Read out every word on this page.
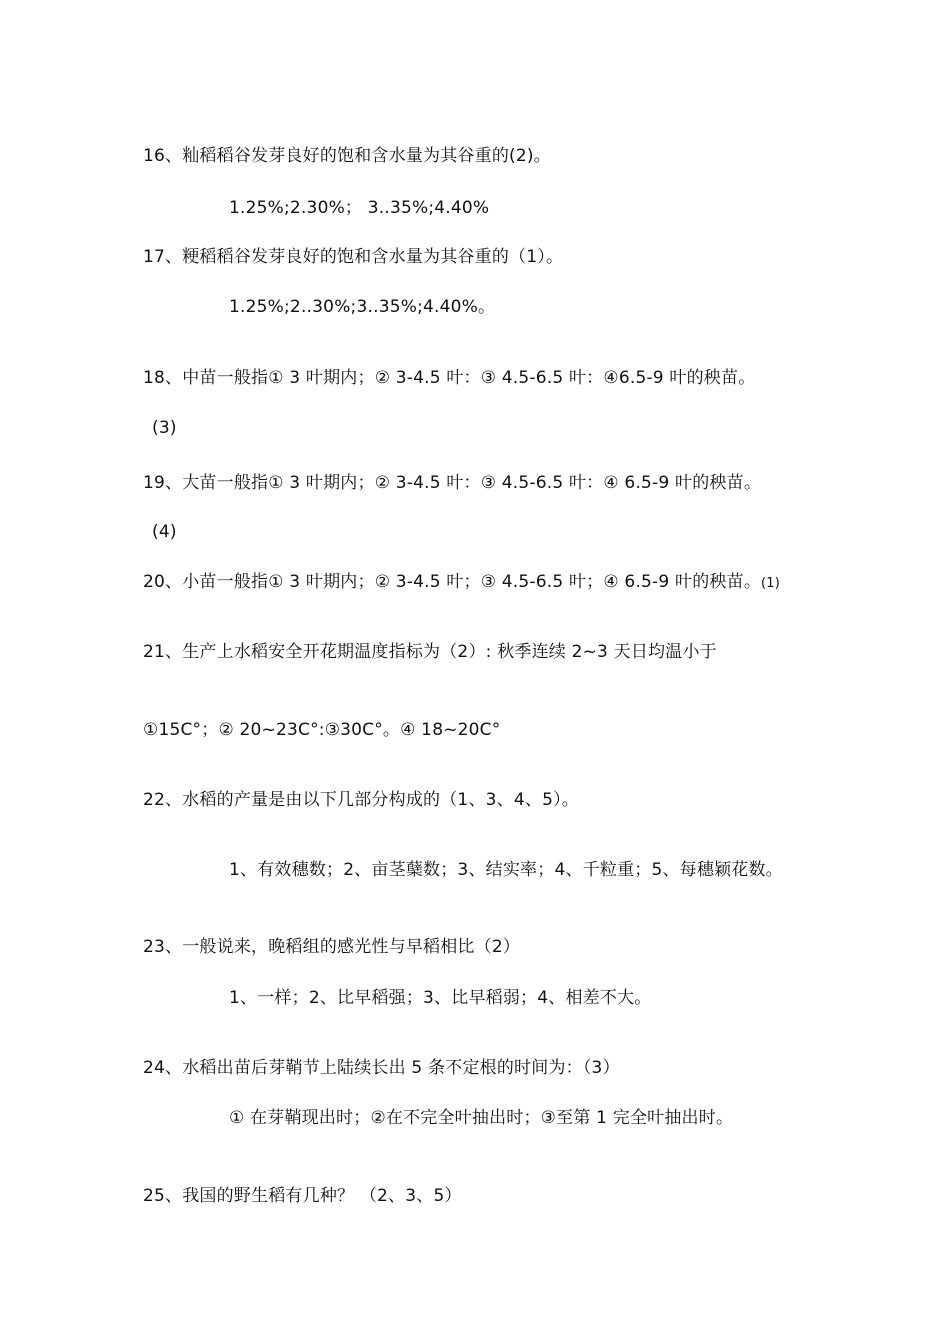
16、籼稻稻谷发芽良好的饱和含水量为其谷重的(2)。
1.25%;2.30%； 3..35%;4.40%
17、粳稻稻谷发芽良好的饱和含水量为其谷重的（1）。
1.25%;2..30%;3..35%;4.40%。
18、中苗一般指① 3 叶期内；② 3-4.5 叶：③ 4.5-6.5 叶：④6.5-9 叶的秧苗。
(3)
19、大苗一般指① 3 叶期内；② 3-4.5 叶：③ 4.5-6.5 叶：④ 6.5-9 叶的秧苗。
(4)
20、小苗一般指① 3 叶期内；② 3-4.5 叶；③ 4.5-6.5 叶；④ 6.5-9 叶的秧苗。(1)
21、生产上水稻安全开花期温度指标为（2）: 秋季连续 2~3 天日均温小于
①15C°；② 20~23C°:③30C°。④ 18~20C°
22、水稻的产量是由以下几部分构成的（1、3、4、5）。
1、有效穗数；2、亩茎蘖数；3、结实率；4、千粒重；5、每穗颖花数。
23、一般说来，晚稻组的感光性与早稻相比（2）
1、一样；2、比早稻强；3、比早稻弱；4、相差不大。
24、水稻出苗后芽鞘节上陆续长出 5 条不定根的时间为：（3）
① 在芽鞘现出时；②在不完全叶抽出时；③至第 1 完全叶抽出时。
25、我国的野生稻有几种？ （2、3、5）
